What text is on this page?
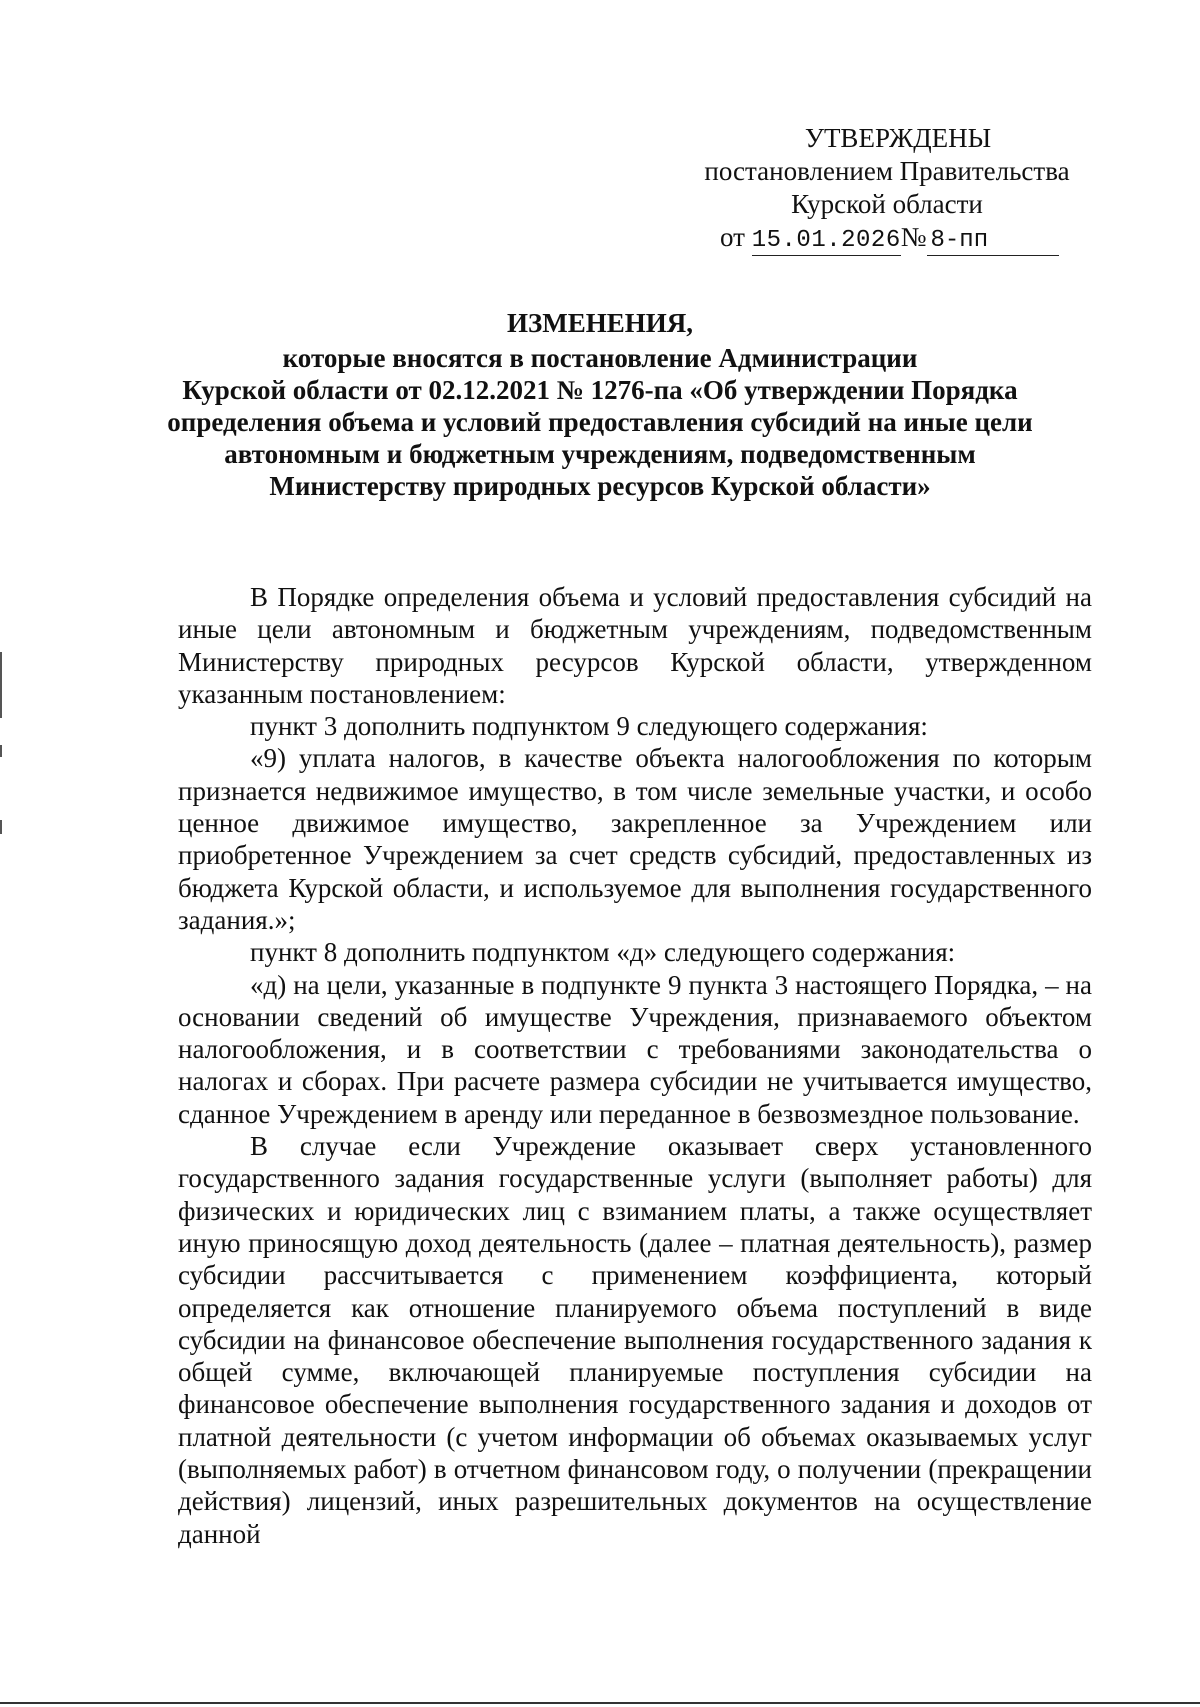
УТВЕРЖДЕНЫ
постановлением Правительства
Курской области
от 15.01.2026№ 8-пп
ИЗМЕНЕНИЯ,
которые вносятся в постановление Администрации
Курской области от 02.12.2021 № 1276-па «Об утверждении Порядка
определения объема и условий предоставления субсидий на иные цели
автономным и бюджетным учреждениям, подведомственным
Министерству природных ресурсов Курской области»

В Порядке определения объема и условий предоставления субсидий на иные цели автономным и бюджетным учреждениям, подведомственным Министерству природных ресурсов Курской области, утвержденном указанным постановлением:

пункт 3 дополнить подпунктом 9 следующего содержания:

«9) уплата налогов, в качестве объекта налогообложения по которым признается недвижимое имущество, в том числе земельные участки, и особо ценное движимое имущество, закрепленное за Учреждением или приобретенное Учреждением за счет средств субсидий, предоставленных из бюджета Курской области, и используемое для выполнения государственного задания.»;

пункт 8 дополнить подпунктом «д» следующего содержания:

«д) на цели, указанные в подпункте 9 пункта 3 настоящего Порядка, – на основании сведений об имуществе Учреждения, признаваемого объектом налогообложения, и в соответствии с требованиями законодательства о налогах и сборах. При расчете размера субсидии не учитывается имущество, сданное Учреждением в аренду или переданное в безвозмездное пользование.

В случае если Учреждение оказывает сверх установленного государственного задания государственные услуги (выполняет работы) для физических и юридических лиц с взиманием платы, а также осуществляет иную приносящую доход деятельность (далее – платная деятельность), размер субсидии рассчитывается с применением коэффициента, который определяется как отношение планируемого объема поступлений в виде субсидии на финансовое обеспечение выполнения государственного задания к общей сумме, включающей планируемые поступления субсидии на финансовое обеспечение выполнения государственного задания и доходов от платной деятельности (с учетом информации об объемах оказываемых услуг (выполняемых работ) в отчетном финансовом году, о получении (прекращении действия) лицензий, иных разрешительных документов на осуществление данной
